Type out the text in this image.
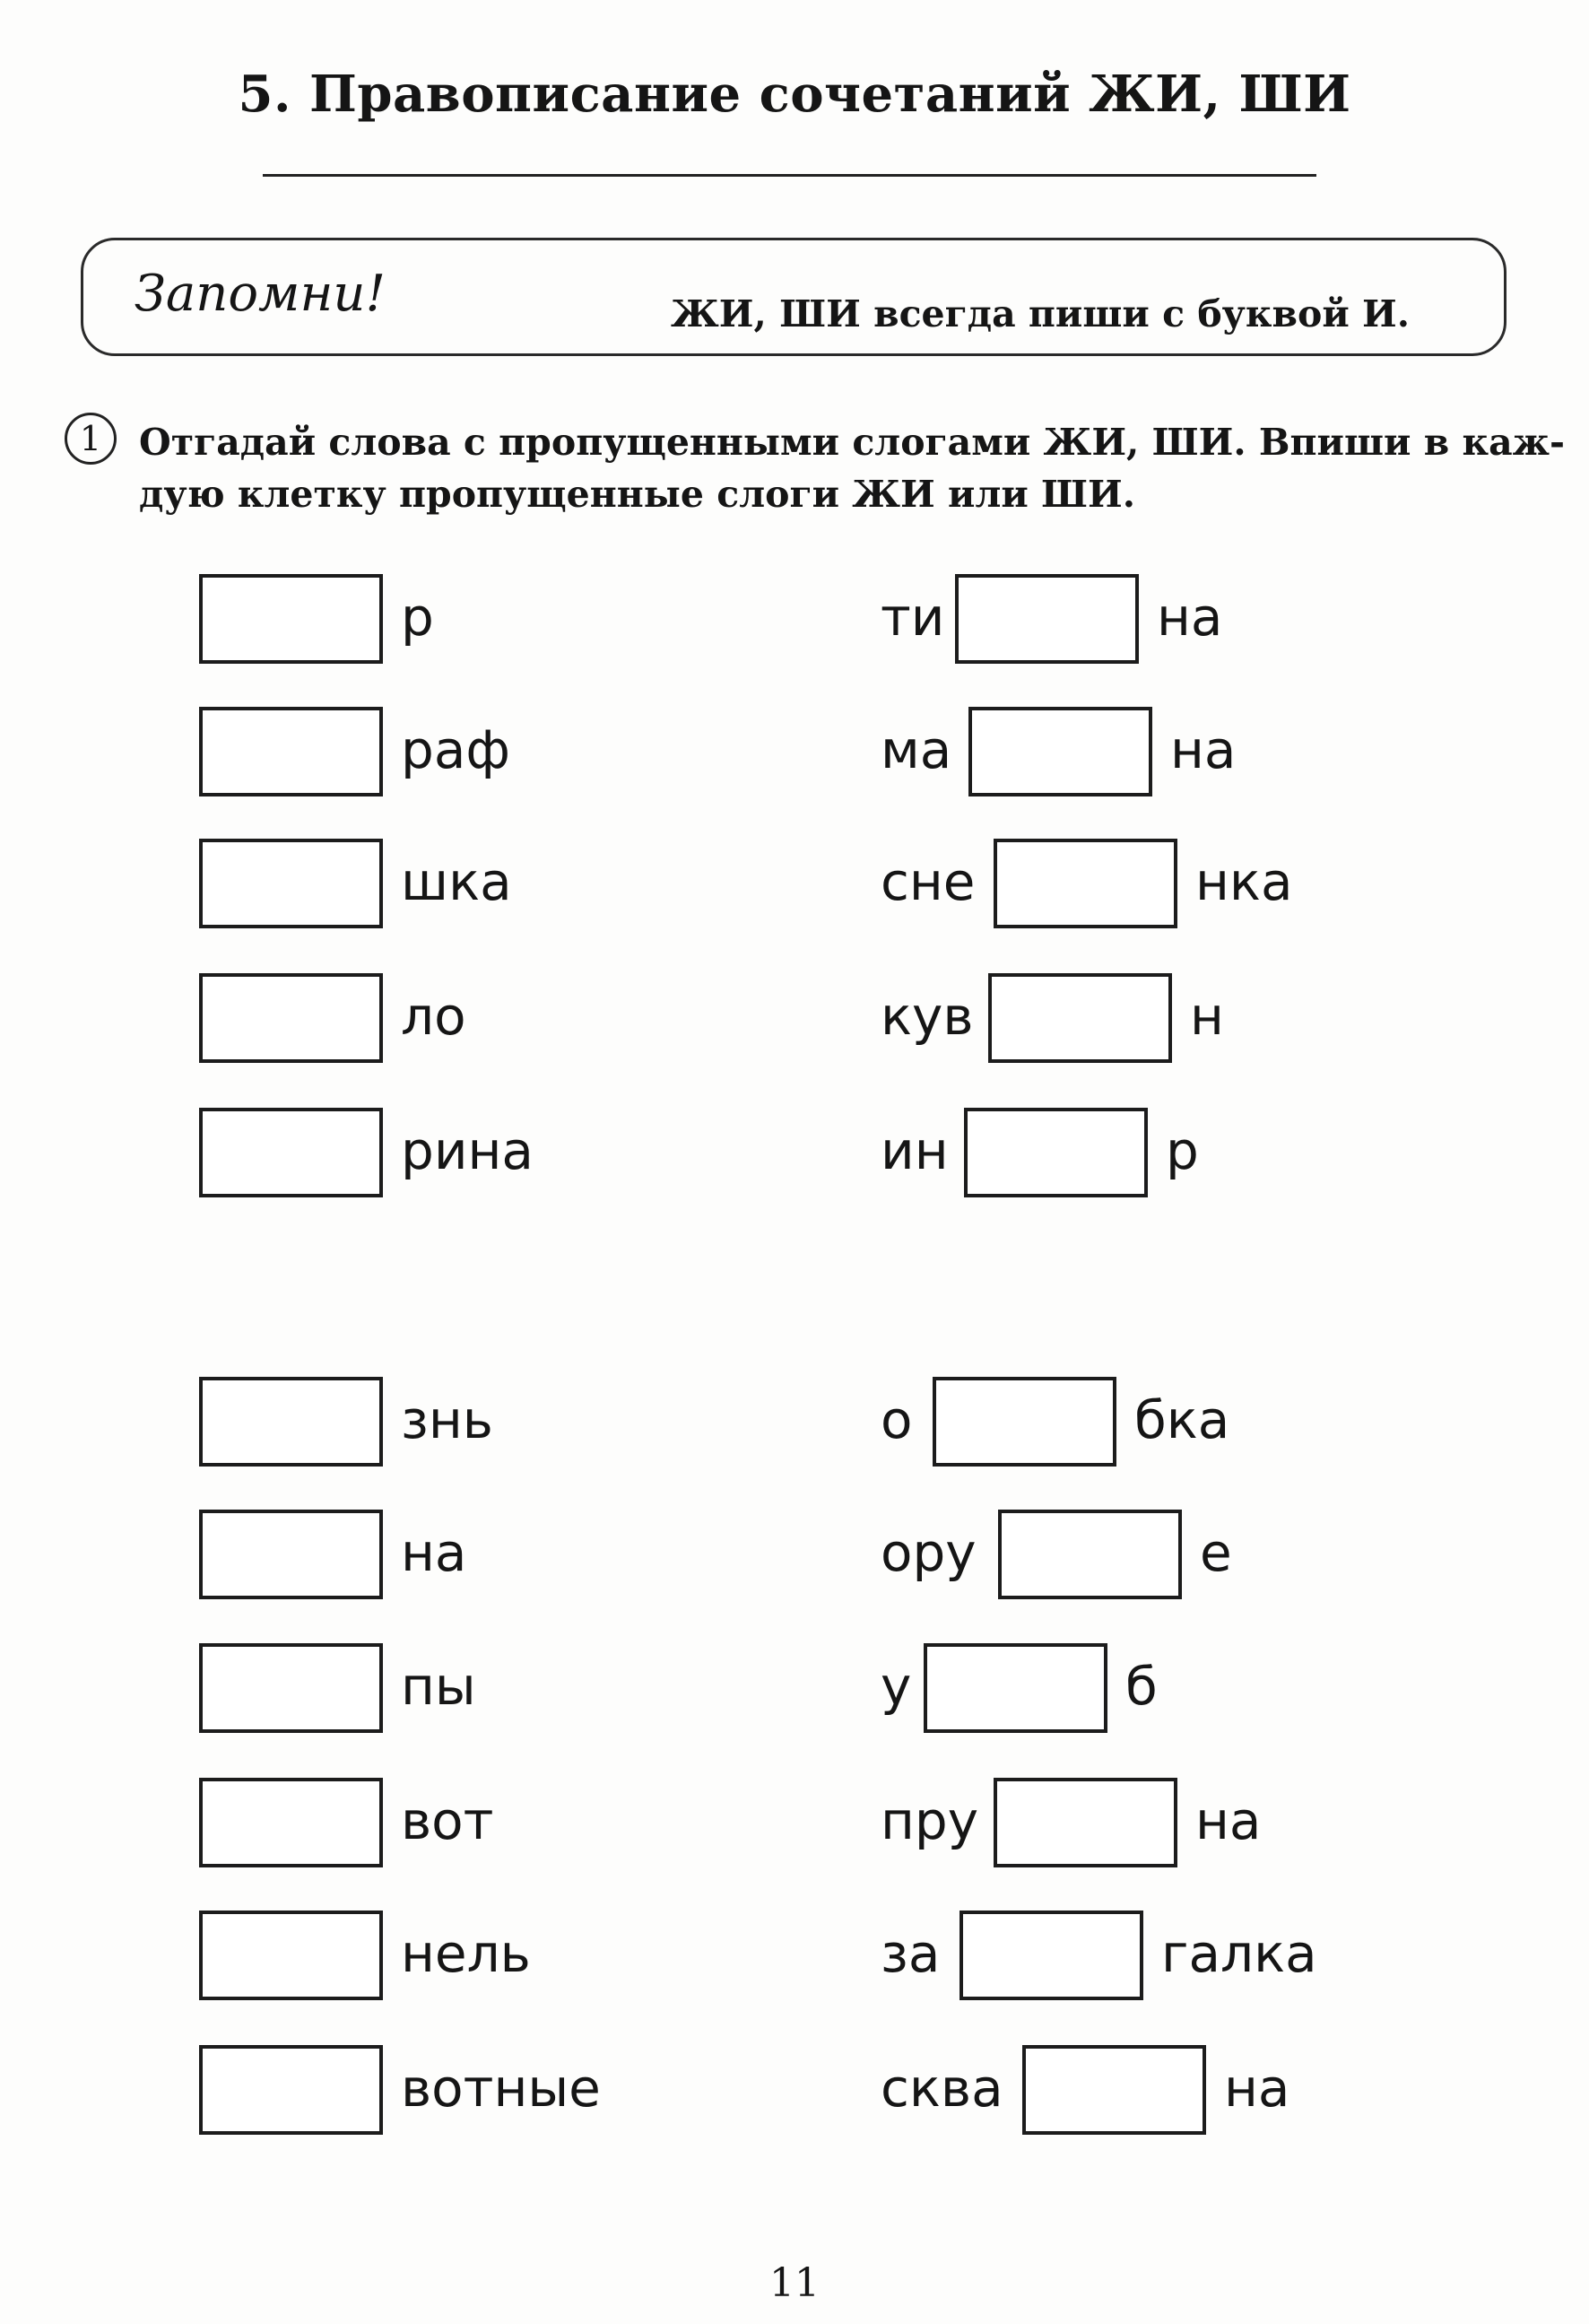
5. Правописание сочетаний ЖИ, ШИ
Запомни!	ЖИ, ШИ всегда пиши с буквой И.
1	Отгадай слова с пропущенными слогами ЖИ, ШИ. Впиши в каж-
дую клетку пропущенные слоги ЖИ или ШИ.
р
раф
шка
ло
рина
знь
на
пы
вот
нель
вотные
ти	на
ма	на
сне	нка
кув	н
ин	р
о	бка
ору	е
у	б
пру	на
за	галка
сква	на
11
